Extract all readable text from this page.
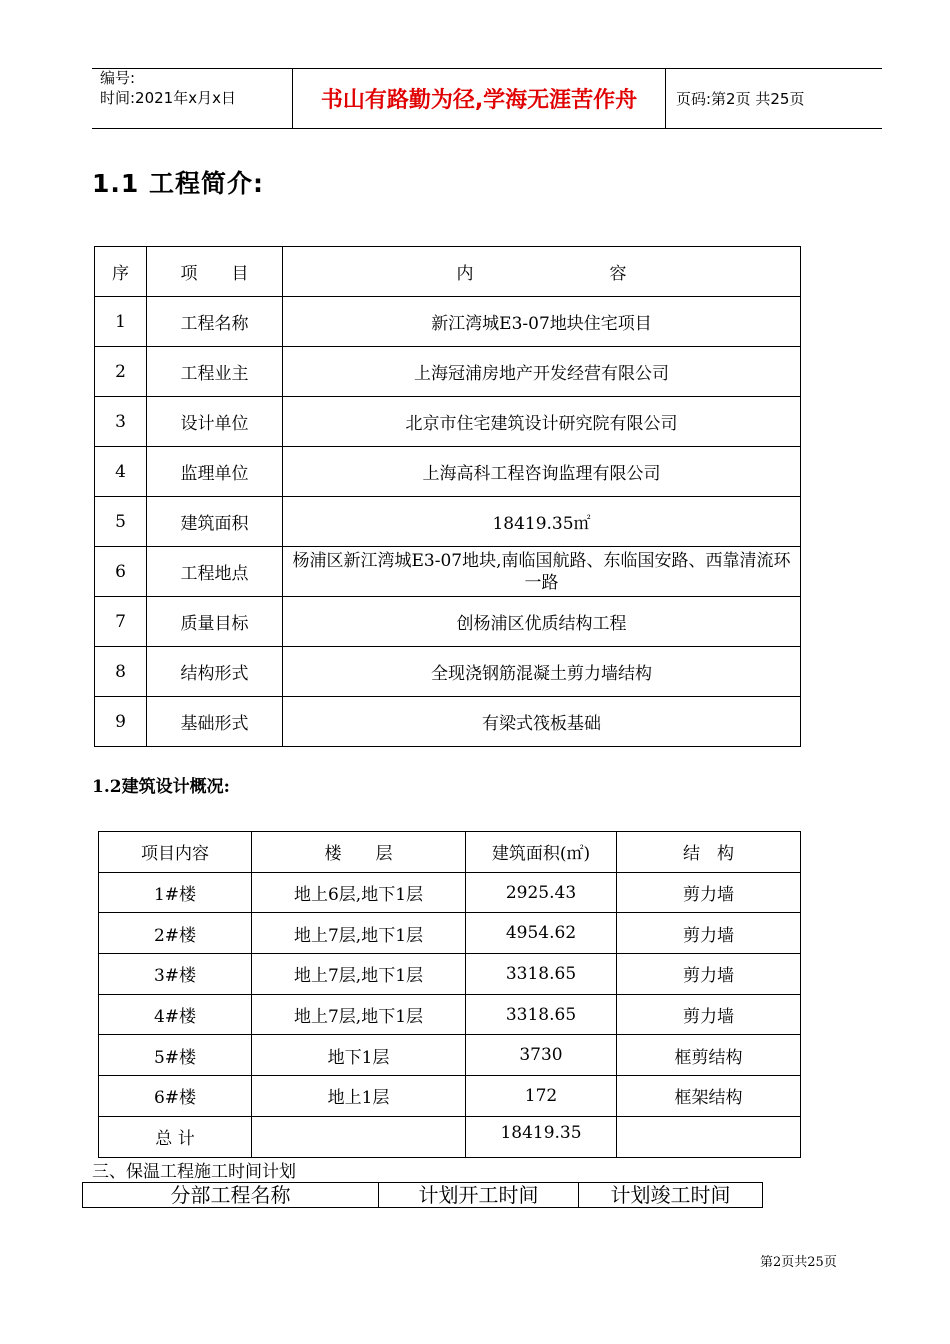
编号:
时间:2021年x月x日	书山有路勤为径,学海无涯苦作舟	页码:第2页 共25页
1.1 工程简介:
序	项　　目	内　　　　　　　　容
1	工程名称	新江湾城E3-07地块住宅项目
2	工程业主	上海冠浦房地产开发经营有限公司
3	设计单位	北京市住宅建筑设计研究院有限公司
4	监理单位	上海高科工程咨询监理有限公司
5	建筑面积	18419.35㎡
6	工程地点	杨浦区新江湾城E3-07地块,南临国航路、东临国安路、西靠清流环一路
7	质量目标	创杨浦区优质结构工程
8	结构形式	全现浇钢筋混凝土剪力墙结构
9	基础形式	有梁式筏板基础
1.2建筑设计概况:
项目内容	楼　　层	建筑面积(㎡)	结　构
1#楼	地上6层,地下1层	2925.43	剪力墙
2#楼	地上7层,地下1层	4954.62	剪力墙
3#楼	地上7层,地下1层	3318.65	剪力墙
4#楼	地上7层,地下1层	3318.65	剪力墙
5#楼	地下1层	3730	框剪结构
6#楼	地上1层	172	框架结构
总 计		18419.35	
三、保温工程施工时间计划
分部工程名称	计划开工时间	计划竣工时间
第2页共25页
